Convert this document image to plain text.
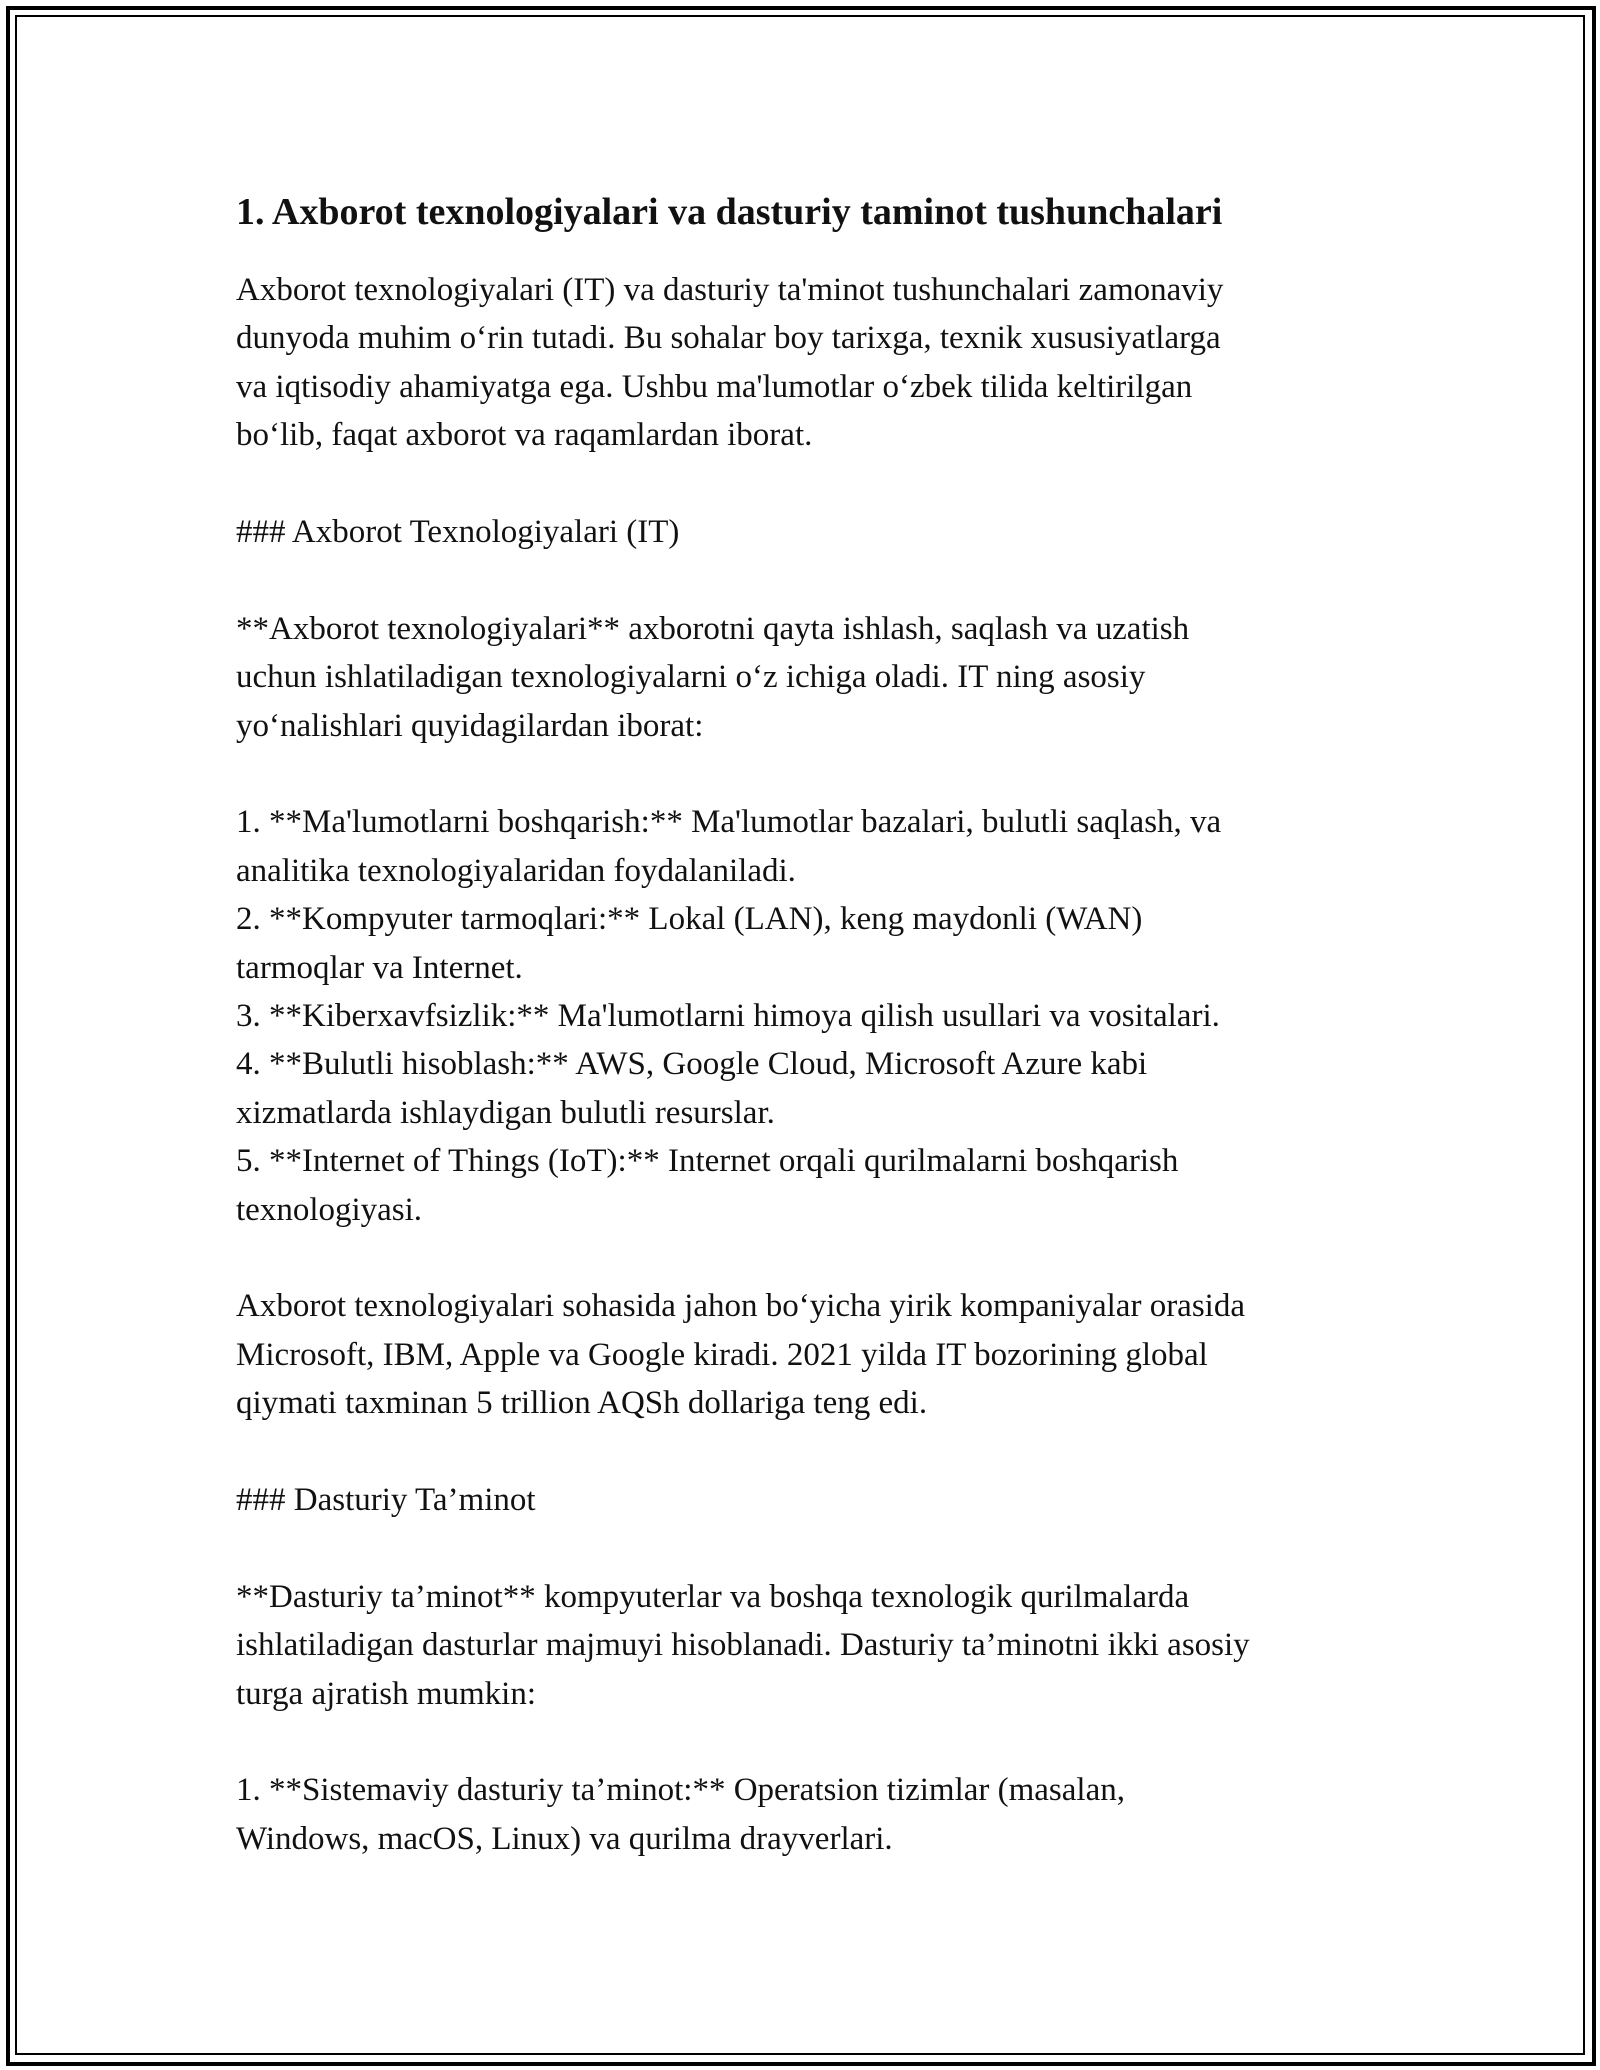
1. Axborot texnologiyalari va dasturiy taminot tushunchalari
Axborot texnologiyalari (IT) va dasturiy ta'minot tushunchalari zamonaviy
dunyoda muhim o‘rin tutadi. Bu sohalar boy tarixga, texnik xususiyatlarga
va iqtisodiy ahamiyatga ega. Ushbu ma'lumotlar o‘zbek tilida keltirilgan
bo‘lib, faqat axborot va raqamlardan iborat.
### Axborot Texnologiyalari (IT)
**Axborot texnologiyalari** axborotni qayta ishlash, saqlash va uzatish
uchun ishlatiladigan texnologiyalarni o‘z ichiga oladi. IT ning asosiy
yo‘nalishlari quyidagilardan iborat:
1. **Ma'lumotlarni boshqarish:** Ma'lumotlar bazalari, bulutli saqlash, va
analitika texnologiyalaridan foydalaniladi.
2. **Kompyuter tarmoqlari:** Lokal (LAN), keng maydonli (WAN)
tarmoqlar va Internet.
3. **Kiberxavfsizlik:** Ma'lumotlarni himoya qilish usullari va vositalari.
4. **Bulutli hisoblash:** AWS, Google Cloud, Microsoft Azure kabi
xizmatlarda ishlaydigan bulutli resurslar.
5. **Internet of Things (IoT):** Internet orqali qurilmalarni boshqarish
texnologiyasi.
Axborot texnologiyalari sohasida jahon bo‘yicha yirik kompaniyalar orasida
Microsoft, IBM, Apple va Google kiradi. 2021 yilda IT bozorining global
qiymati taxminan 5 trillion AQSh dollariga teng edi.
### Dasturiy Ta’minot
**Dasturiy ta’minot** kompyuterlar va boshqa texnologik qurilmalarda
ishlatiladigan dasturlar majmuyi hisoblanadi. Dasturiy ta’minotni ikki asosiy
turga ajratish mumkin:
1. **Sistemaviy dasturiy ta’minot:** Operatsion tizimlar (masalan,
Windows, macOS, Linux) va qurilma drayverlari.
